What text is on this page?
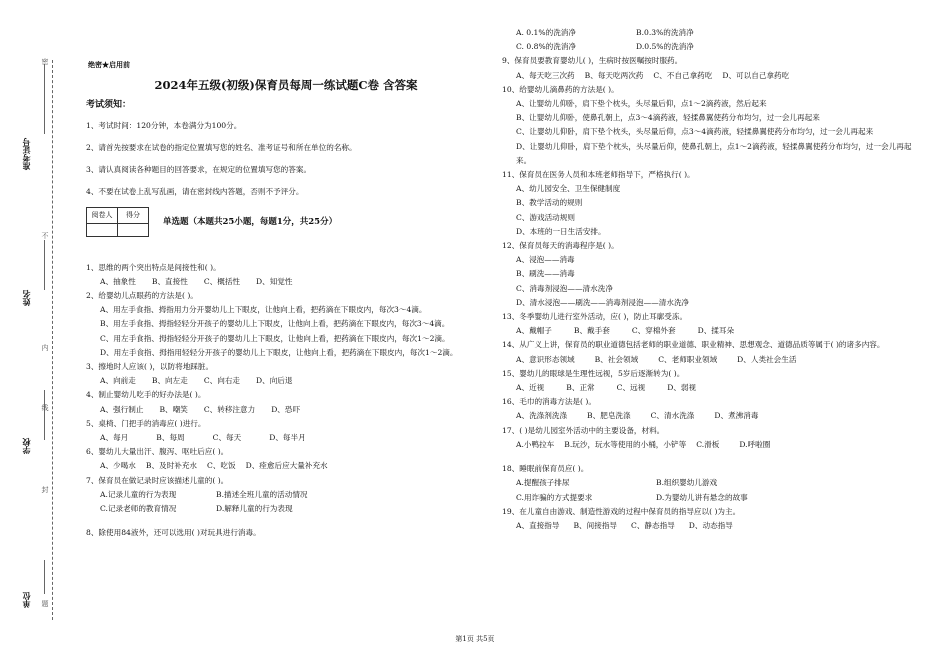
准考证号
姓名
学校
单位
密
不
内
线
封
题
绝密★启用前
2024年五级(初级)保育员每周一练试题C卷 含答案
考试须知：
1、考试时间：120分钟，本卷满分为100分。
2、请首先按要求在试卷的指定位置填写您的姓名、准考证号和所在单位的名称。
3、请认真阅读各种题目的回答要求，在规定的位置填写您的答案。
4、不要在试卷上乱写乱画，请在密封线内答题，否则不予评分。
阅卷人	得分

单选题（本题共25小题，每题1分，共25分）
1、思维的两个突出特点是间接性和( )。
A、抽象性 B、直接性 C、概括性 D、知觉性
2、给婴幼儿点眼药的方法是( )。
A、用左手食指、拇指用力分开婴幼儿上下眼皮，让他向上看，把药滴在下眼皮内，每次3～4滴。
B、用左手食指、拇指轻轻分开孩子的婴幼儿上下眼皮，让他向上看，把药滴在下眼皮内，每次3～4滴。
C、用左手食指、拇指轻轻分开孩子的婴幼儿上下眼皮，让他向上看，把药滴在下眼皮内，每次1～2滴。
D、用左手食指、拇指用轻轻分开孩子的婴幼儿上下眼皮，让他向上看，把药滴在下眼皮内，每次1～2滴。
3、擦地时人应该( )，以防将地踩脏。
A、向前走 B、向左走 C、向右走 D、向后退
4、制止婴幼儿吃手的好办法是( )。
A、强行制止 B、嘲笑 C、转移注意力 D、恐吓
5、桌椅、门把手的消毒应( )进行。
A、每月	B、每周	C、每天	D、每半月
6、婴幼儿大量出汗、腹泻、呕吐后应( )。
A、少喝水 B、及时补充水 C、吃饭 D、痊愈后应大量补充水
7、保育员在做记录时应该描述儿童的( )。
A.记录儿童的行为表现	B.描述全班儿童的活动情况
C.记录老师的教育情况	D.解释儿童的行为表现
8、除使用84液外，还可以选用( )对玩具进行消毒。
A. 0.1%的洗消净	B.0.3%的洗消净
C. 0.8%的洗消净	D.0.5%的洗消净
9、保育员要教育婴幼儿( )，生病时按医嘱按时服药。
A、每天吃三次药 B、每天吃两次药 C、不自己拿药吃 D、可以自己拿药吃
10、给婴幼儿滴鼻药的方法是( )。
A、让婴幼儿仰卧，肩下垫个枕头，头尽量后仰，点1～2滴药液，然后起来
B、让婴幼儿仰卧，使鼻孔朝上，点3～4滴药液，轻揉鼻翼使药分布均匀，过一会儿再起来
C、让婴幼儿仰卧，肩下垫个枕头，头尽量后仰，点3～4滴药液，轻揉鼻翼使药分布均匀，过一会儿再起来
D、让婴幼儿仰卧，肩下垫个枕头，头尽量后仰，使鼻孔朝上，点1～2滴药液，轻揉鼻翼使药分布均匀，过一会儿再起来。
11、保育员在医务人员和本班老师指导下，严格执行( )。
A、幼儿园安全、卫生保健制度
B、教学活动的规则
C、游戏活动规则
D、本班的一日生活安排。
12、保育员每天的消毒程序是( )。
A、浸泡——消毒
B、刷洗——消毒
C、消毒剂浸泡——清水洗净
D、清水浸泡——刷洗——消毒剂浸泡——清水洗净
13、冬季婴幼儿进行室外活动，应( )，防止耳廓受冻。
A、戴帽子	B、戴手套	C、穿棉外套	D、揉耳朵
14、从广义上讲，保育员的职业道德包括老师的职业道德、职业精神、思想观念、道德品质等属于( )的诸多内容。
A、意识形态领域	B、社会领域	C、老师职业领域	D、人类社会生活
15、婴幼儿的眼球是生理性远视，5岁后逐渐转为( )。
A、近视	B、正常	C、远视	D、弱视
16、毛巾的消毒方法是( )。
A、洗涤剂洗涤	B、肥皂洗涤	C、清水洗涤	D、煮沸消毒
17、( )是幼儿园室外活动中的主要设备，材料。
A.小鸭拉车 B.玩沙，玩水等使用的小桶，小铲等 C.滑板	D.呼啦圈
18、睡眠前保育员应( )。
A.提醒孩子排尿	B.组织婴幼儿游戏
C.用诈骗的方式提要求	D.为婴幼儿讲有悬念的故事
19、在儿童自由游戏、制造性游戏的过程中保育员的指导应以( )为主。
A、直接指导 B、间接指导 C、静态指导 D、动态指导
第1页 共5页
